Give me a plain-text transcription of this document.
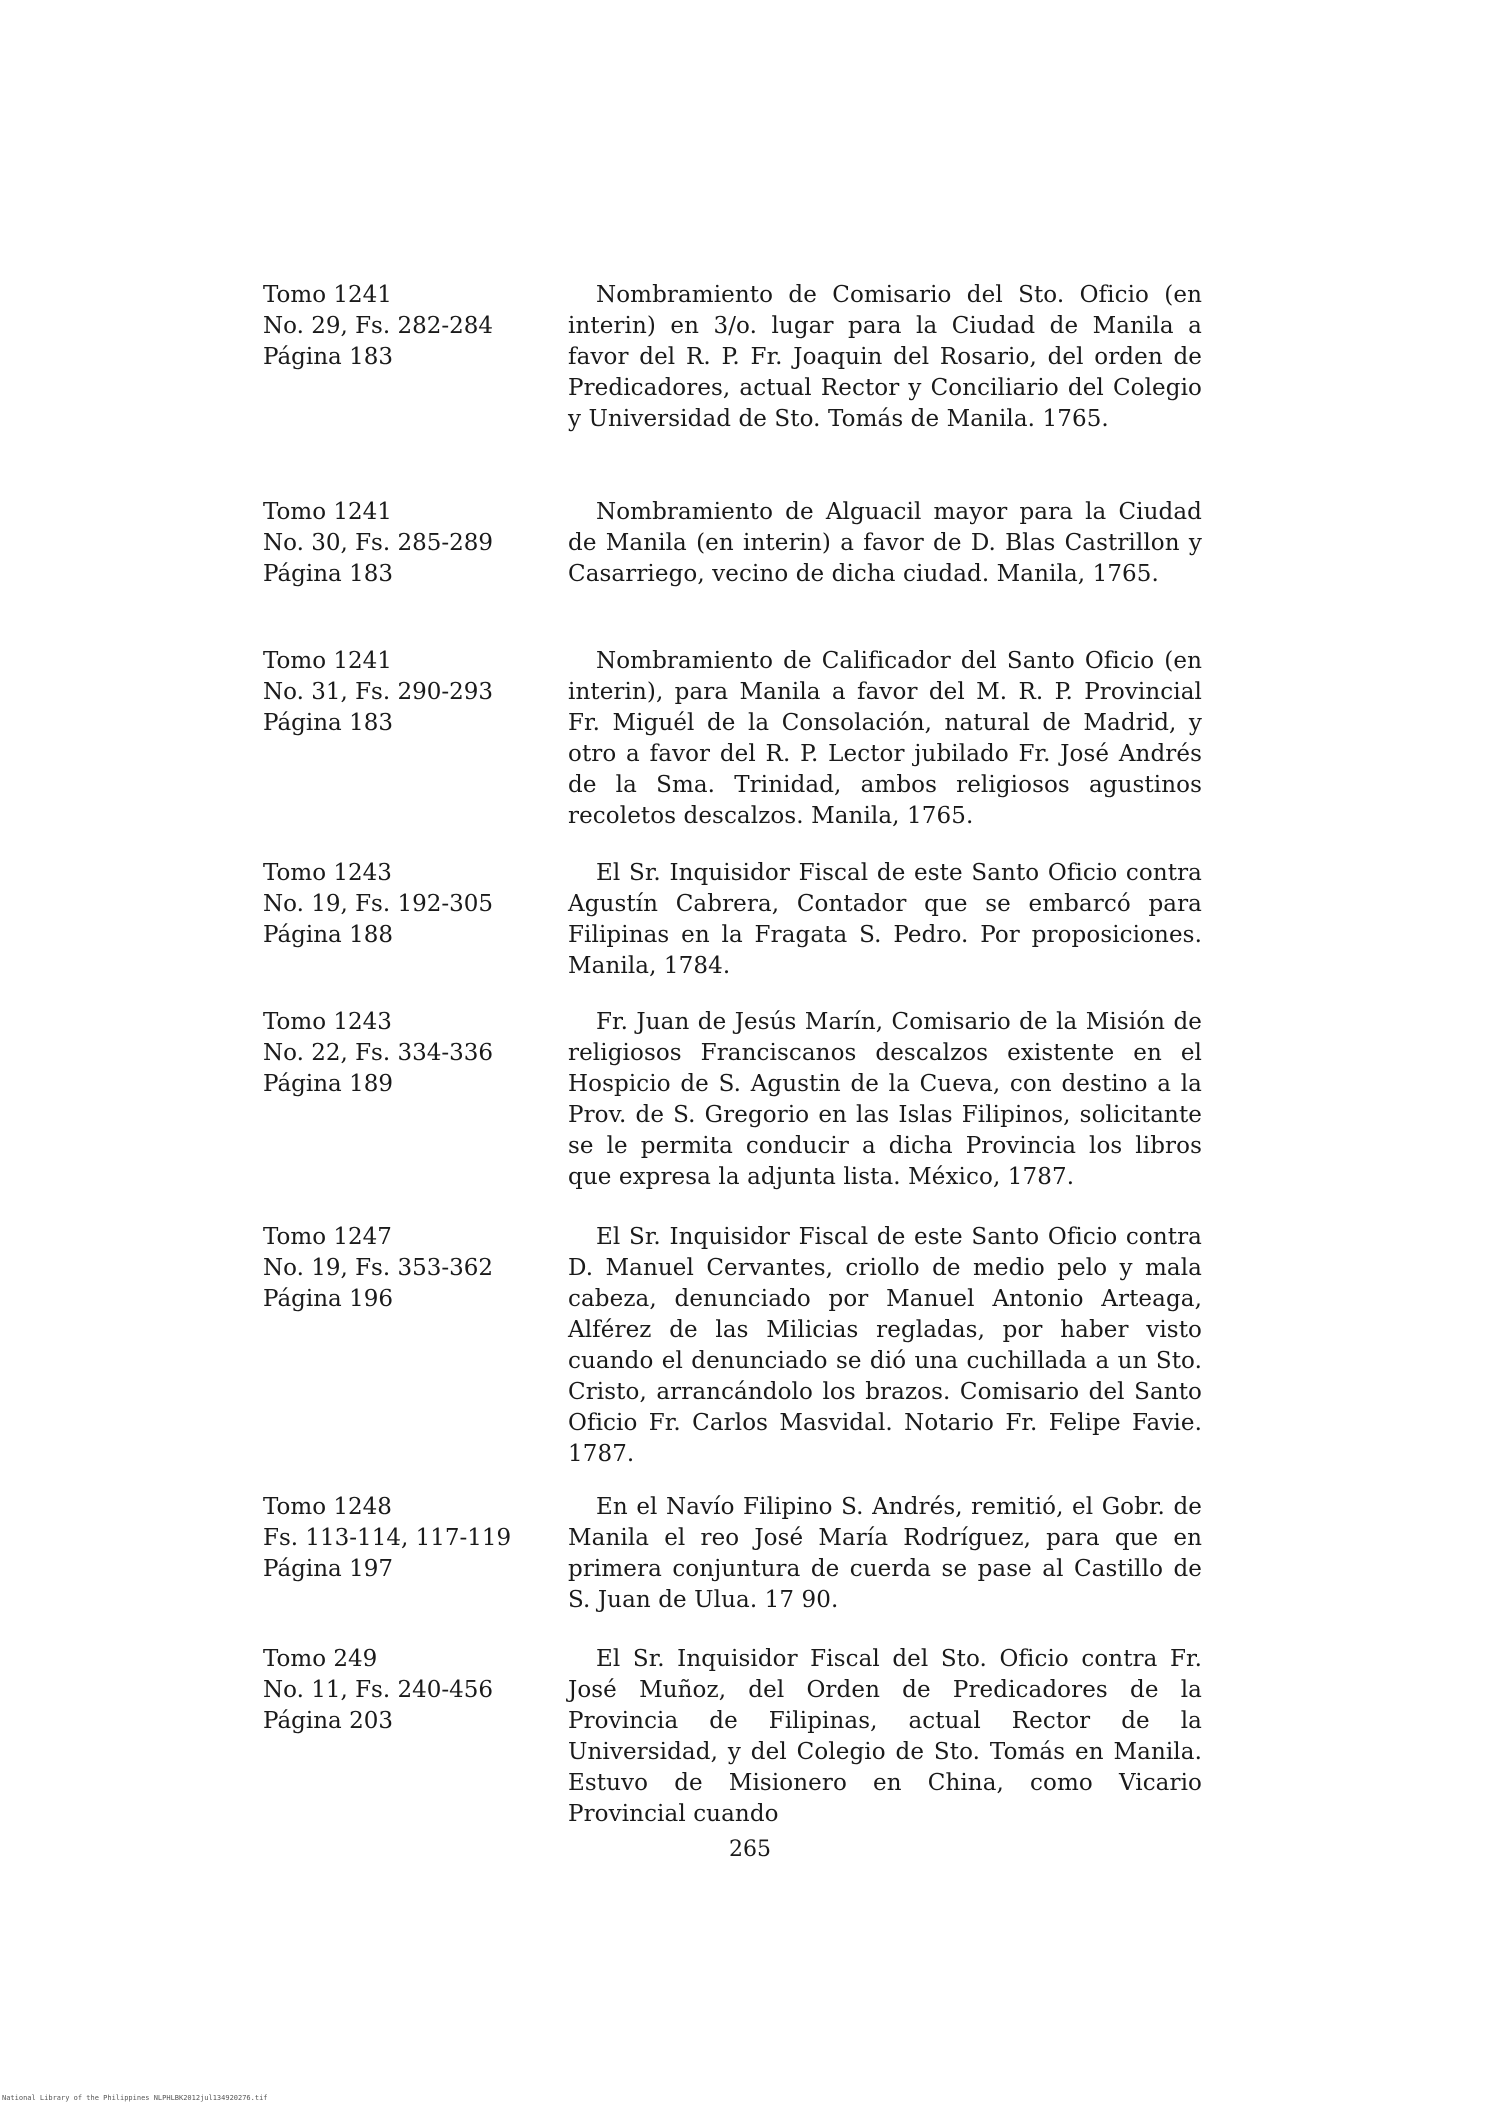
Tomo 1241
No. 29, Fs. 282-284
Página 183
Nombramiento de Comisario del Sto. Oficio (en interin) en 3/o. lugar para la Ciudad de Manila a favor del R. P. Fr. Joaquin del Rosario, del orden de Predicadores, actual Rector y Conciliario del Colegio y Universidad de Sto. Tomás de Manila. 1765.
Tomo 1241
No. 30, Fs. 285-289
Página 183
Nombramiento de Alguacil mayor para la Ciudad de Manila (en interin) a favor de D. Blas Castrillon y Casarriego, vecino de dicha ciudad. Manila, 1765.
Tomo 1241
No. 31, Fs. 290-293
Página 183
Nombramiento de Calificador del Santo Oficio (en interin), para Manila a favor del M. R. P. Provincial Fr. Miguél de la Consolación, natural de Madrid, y otro a favor del R. P. Lector jubilado Fr. José Andrés de la Sma. Trinidad, ambos religiosos agustinos recoletos descalzos. Manila, 1765.
Tomo 1243
No. 19, Fs. 192-305
Página 188
El Sr. Inquisidor Fiscal de este Santo Oficio contra Agustín Cabrera, Contador que se embarcó para Filipinas en la Fragata S. Pedro. Por proposiciones. Manila, 1784.
Tomo 1243
No. 22, Fs. 334-336
Página 189
Fr. Juan de Jesús Marín, Comisario de la Misión de religiosos Franciscanos descalzos existente en el Hospicio de S. Agustin de la Cueva, con destino a la Prov. de S. Gregorio en las Islas Filipinos, solicitante se le permita conducir a dicha Provincia los libros que expresa la adjunta lista. México, 1787.
Tomo 1247
No. 19, Fs. 353-362
Página 196
El Sr. Inquisidor Fiscal de este Santo Oficio contra D. Manuel Cervantes, criollo de medio pelo y mala cabeza, denunciado por Manuel Antonio Arteaga, Alférez de las Milicias regladas, por haber visto cuando el denunciado se dió una cuchillada a un Sto. Cristo, arrancándolo los brazos. Comisario del Santo Oficio Fr. Carlos Masvidal. Notario Fr. Felipe Favie. 1787.
Tomo 1248
Fs. 113-114, 117-119
Página 197
En el Navío Filipino S. Andrés, remitió, el Gobr. de Manila el reo José María Rodríguez, para que en primera conjuntura de cuerda se pase al Castillo de S. Juan de Ulua. 17 90.
Tomo 249
No. 11, Fs. 240-456
Página 203
El Sr. Inquisidor Fiscal del Sto. Oficio contra Fr. José Muñoz, del Orden de Predicadores de la Provincia de Filipinas, actual Rector de la Universidad, y del Colegio de Sto. Tomás en Manila. Estuvo de Misionero en China, como Vicario Provincial cuando
265
National Library of the Philippines NLPHLBK2012jul134920276.tif
